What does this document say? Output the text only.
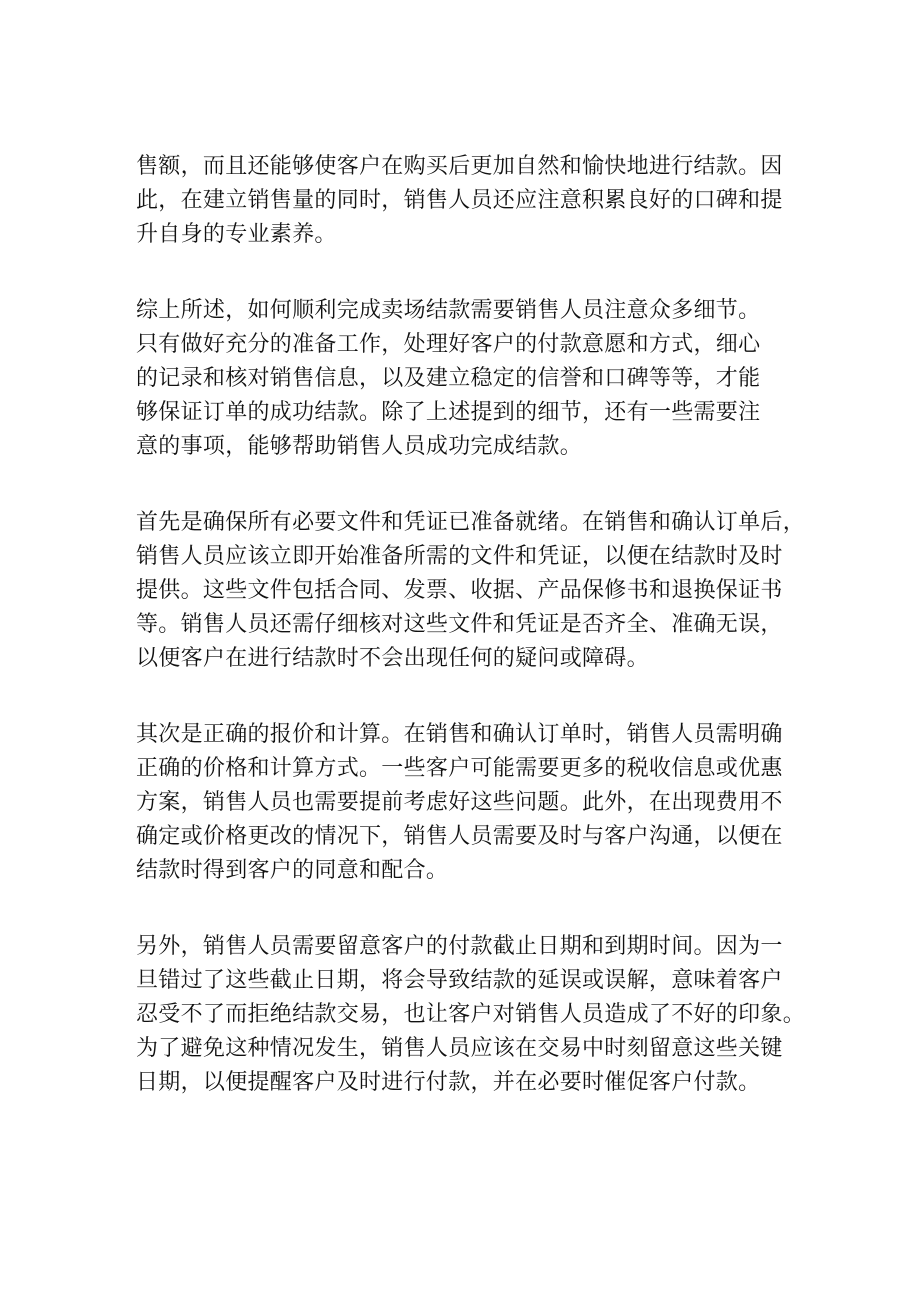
售额，而且还能够使客户在购买后更加自然和愉快地进行结款。因
此，在建立销售量的同时，销售人员还应注意积累良好的口碑和提
升自身的专业素养。
综上所述，如何顺利完成卖场结款需要销售人员注意众多细节。
只有做好充分的准备工作，处理好客户的付款意愿和方式，细心
的记录和核对销售信息，以及建立稳定的信誉和口碑等等，才能
够保证订单的成功结款。除了上述提到的细节，还有一些需要注
意的事项，能够帮助销售人员成功完成结款。
首先是确保所有必要文件和凭证已准备就绪。在销售和确认订单后，
销售人员应该立即开始准备所需的文件和凭证，以便在结款时及时
提供。这些文件包括合同、发票、收据、产品保修书和退换保证书
等。销售人员还需仔细核对这些文件和凭证是否齐全、准确无误，
以便客户在进行结款时不会出现任何的疑问或障碍。
其次是正确的报价和计算。在销售和确认订单时，销售人员需明确
正确的价格和计算方式。一些客户可能需要更多的税收信息或优惠
方案，销售人员也需要提前考虑好这些问题。此外，在出现费用不
确定或价格更改的情况下，销售人员需要及时与客户沟通，以便在
结款时得到客户的同意和配合。
另外，销售人员需要留意客户的付款截止日期和到期时间。因为一
旦错过了这些截止日期，将会导致结款的延误或误解，意味着客户
忍受不了而拒绝结款交易，也让客户对销售人员造成了不好的印象。
为了避免这种情况发生，销售人员应该在交易中时刻留意这些关键
日期，以便提醒客户及时进行付款，并在必要时催促客户付款。
